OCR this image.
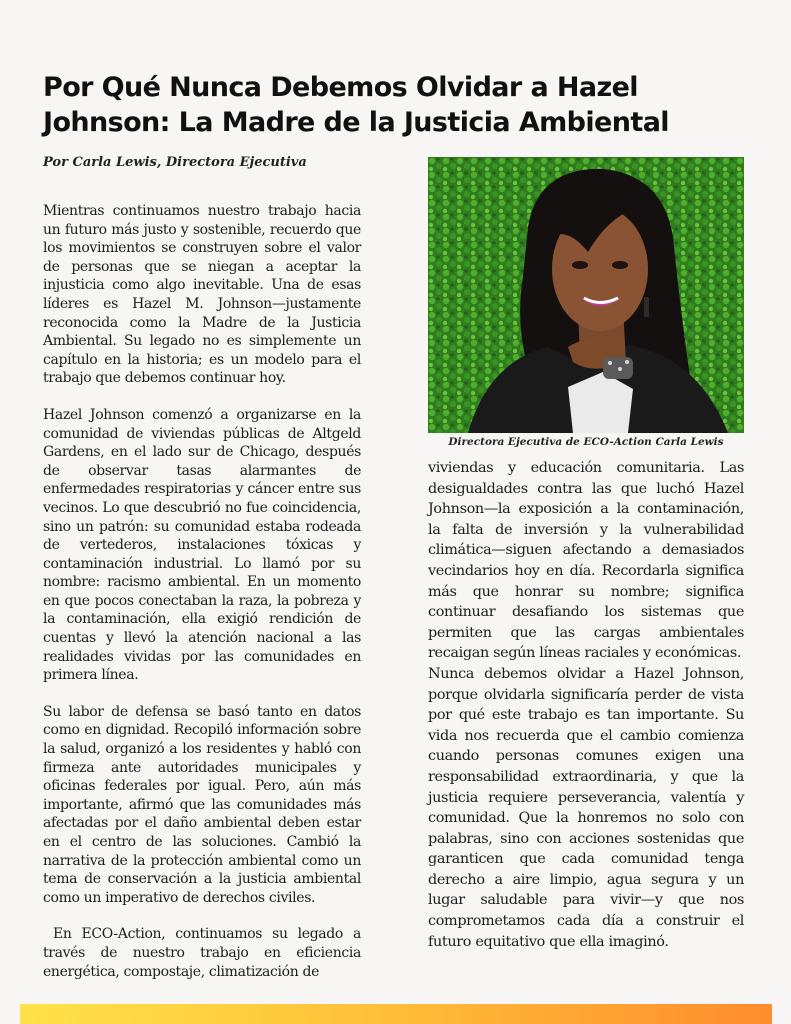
Por Qué Nunca Debemos Olvidar a Hazel Johnson: La Madre de la Justicia Ambiental

Por Carla Lewis, Directora Ejecutiva

Mientras continuamos nuestro trabajo hacia un futuro más justo y sostenible, recuerdo que los movimientos se construyen sobre el valor de personas que se niegan a aceptar la injusticia como algo inevitable. Una de esas líderes es Hazel M. Johnson—justamente reconocida como la Madre de la Justicia Ambiental. Su legado no es simplemente un capítulo en la historia; es un modelo para el trabajo que debemos continuar hoy.

Hazel Johnson comenzó a organizarse en la comunidad de viviendas públicas de Altgeld Gardens, en el lado sur de Chicago, después de observar tasas alarmantes de enfermedades respiratorias y cáncer entre sus vecinos. Lo que descubrió no fue coincidencia, sino un patrón: su comunidad estaba rodeada de vertederos, instalaciones tóxicas y contaminación industrial. Lo llamó por su nombre: racismo ambiental. En un momento en que pocos conectaban la raza, la pobreza y la contaminación, ella exigió rendición de cuentas y llevó la atención nacional a las realidades vividas por las comunidades en primera línea.

Su labor de defensa se basó tanto en datos como en dignidad. Recopiló información sobre la salud, organizó a los residentes y habló con firmeza ante autoridades municipales y oficinas federales por igual. Pero, aún más importante, afirmó que las comunidades más afectadas por el daño ambiental deben estar en el centro de las soluciones. Cambió la narrativa de la protección ambiental como un tema de conservación a la justicia ambiental como un imperativo de derechos civiles.

En ECO-Action, continuamos su legado a través de nuestro trabajo en eficiencia energética, compostaje, climatización de

Directora Ejecutiva de ECO-Action Carla Lewis

viviendas y educación comunitaria. Las desigualdades contra las que luchó Hazel Johnson—la exposición a la contaminación, la falta de inversión y la vulnerabilidad climática—siguen afectando a demasiados vecindarios hoy en día. Recordarla significa más que honrar su nombre; significa continuar desafiando los sistemas que permiten que las cargas ambientales recaigan según líneas raciales y económicas.

Nunca debemos olvidar a Hazel Johnson, porque olvidarla significaría perder de vista por qué este trabajo es tan importante. Su vida nos recuerda que el cambio comienza cuando personas comunes exigen una responsabilidad extraordinaria, y que la justicia requiere perseverancia, valentía y comunidad. Que la honremos no solo con palabras, sino con acciones sostenidas que garanticen que cada comunidad tenga derecho a aire limpio, agua segura y un lugar saludable para vivir—y que nos comprometamos cada día a construir el futuro equitativo que ella imaginó.
